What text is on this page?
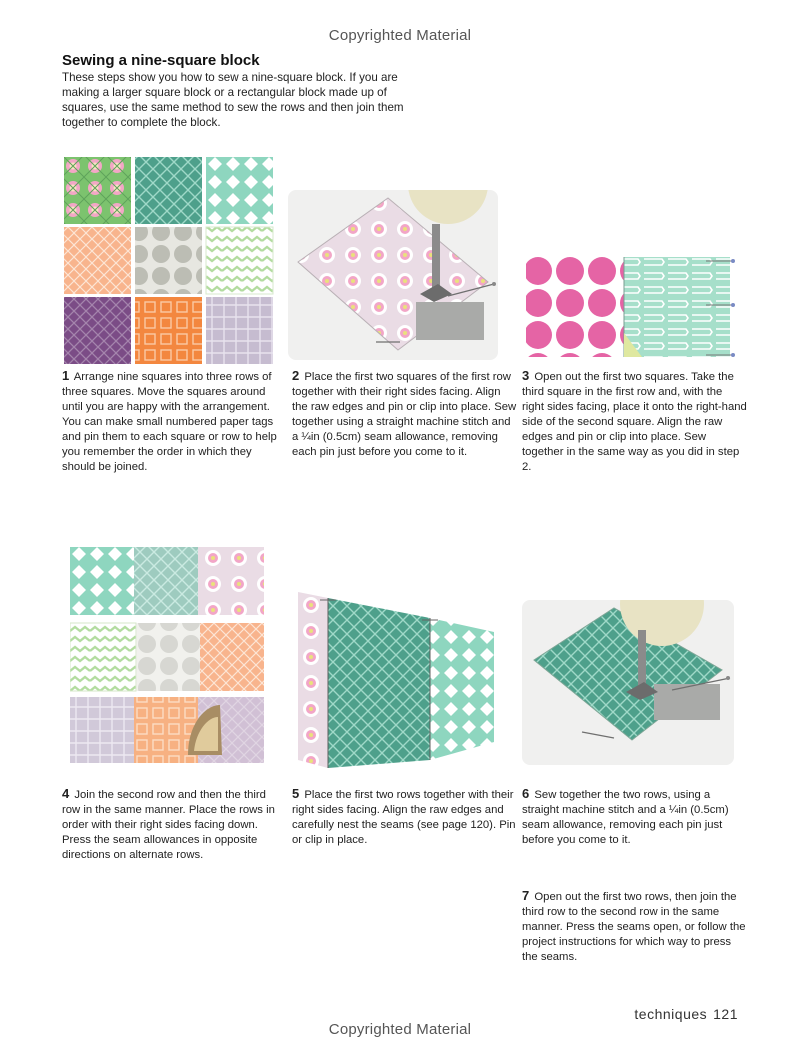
Copyrighted Material
Sewing a nine-square block
These steps show you how to sew a nine-square block. If you are making a larger square block or a rectangular block made up of squares, use the same method to sew the rows and then join them together to complete the block.
1 Arrange nine squares into three rows of three squares. Move the squares around until you are happy with the arrangement. You can make small numbered paper tags and pin them to each square or row to help you remember the order in which they should be joined.
2 Place the first two squares of the first row together with their right sides facing. Align the raw edges and pin or clip into place. Sew together using a straight machine stitch and a ¼in (0.5cm) seam allowance, removing each pin just before you come to it.
3 Open out the first two squares. Take the third square in the first row and, with the right sides facing, place it onto the right-hand side of the second square. Align the raw edges and pin or clip into place. Sew together in the same way as you did in step 2.
4 Join the second row and then the third row in the same manner. Place the rows in order with their right sides facing down. Press the seam allowances in opposite directions on alternate rows.
5 Place the first two rows together with their right sides facing. Align the raw edges and carefully nest the seams (see page 120). Pin or clip in place.
6 Sew together the two rows, using a straight machine stitch and a ¼in (0.5cm) seam allowance, removing each pin just before you come to it.
7 Open out the first two rows, then join the third row to the second row in the same manner. Press the seams open, or follow the project instructions for which way to press the seams.
techniques 121
Copyrighted Material
